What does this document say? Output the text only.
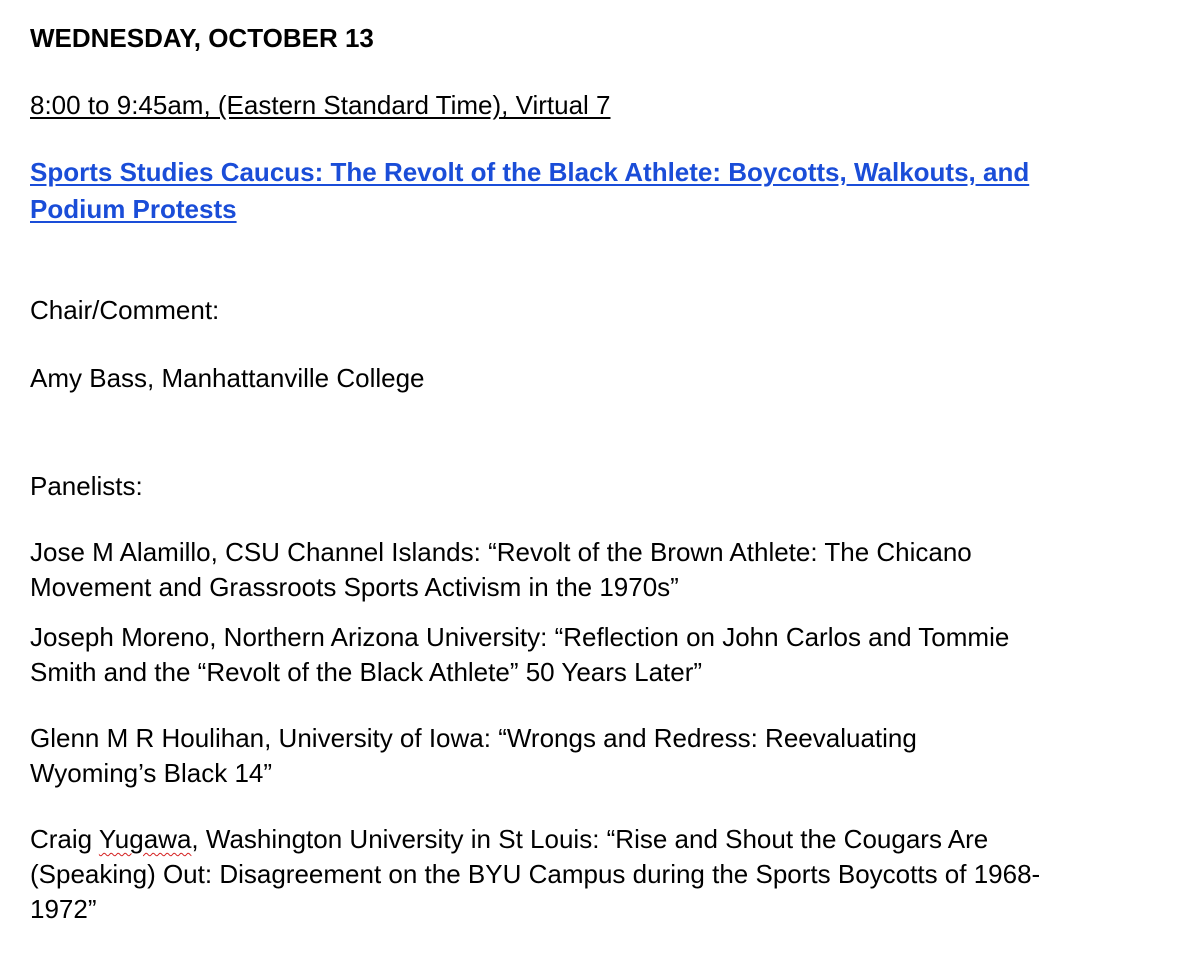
WEDNESDAY, OCTOBER 13
8:00 to 9:45am, (Eastern Standard Time), Virtual 7
Sports Studies Caucus: The Revolt of the Black Athlete: Boycotts, Walkouts, and
Podium Protests
Chair/Comment:
Amy Bass, Manhattanville College
Panelists:
Jose M Alamillo, CSU Channel Islands: “Revolt of the Brown Athlete: The Chicano
Movement and Grassroots Sports Activism in the 1970s”
Joseph Moreno, Northern Arizona University: “Reflection on John Carlos and Tommie
Smith and the “Revolt of the Black Athlete” 50 Years Later”
Glenn M R Houlihan, University of Iowa: “Wrongs and Redress: Reevaluating
Wyoming’s Black 14”
Craig Yugawa, Washington University in St Louis: “Rise and Shout the Cougars Are
(Speaking) Out: Disagreement on the BYU Campus during the Sports Boycotts of 1968-
1972”
